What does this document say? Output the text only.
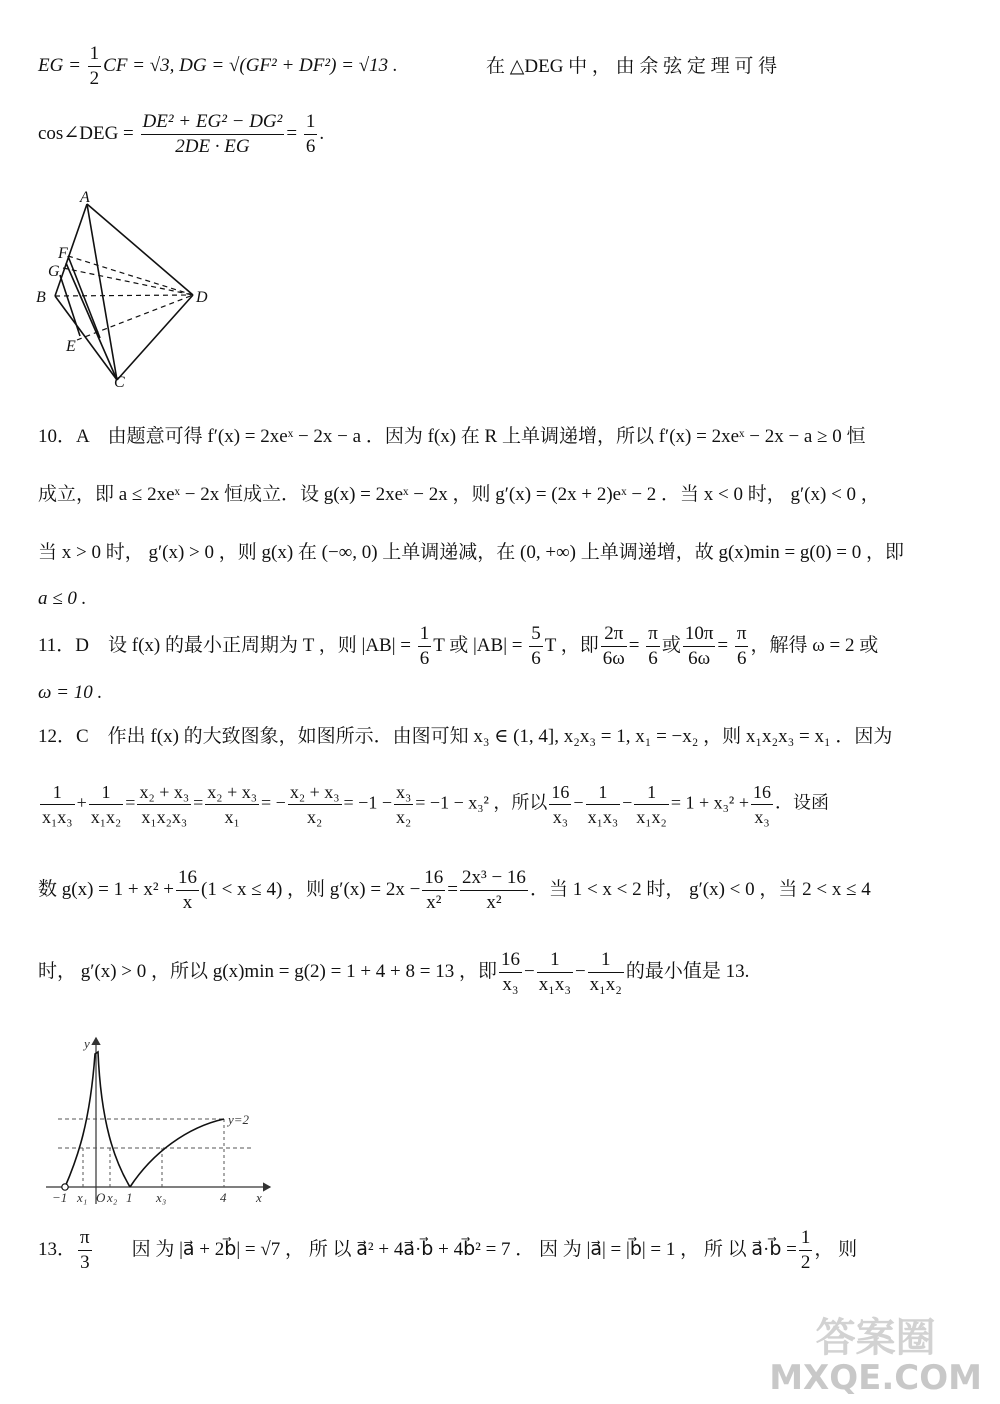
EG = $\frac{1}{2}$ CF = √3, DG = √(GF² + DF²) = √13 .	在 △DEG 中 ， 由 余 弦 定 理 可 得
cos∠DEG = $\frac{\text{DE² + EG² − DG²}}{2DE \cdot EG} = \frac{1}{6}$ .
A
F
G
B	D
E
C
10．A　由题意可得 f′(x) = 2xeˣ − 2x − a ．因为 f(x) 在 R 上单调递增，所以 f′(x) = 2xeˣ − 2x − a ≥ 0 恒
成立，即 a ≤ 2xeˣ − 2x 恒成立．设 g(x) = 2xeˣ − 2x ，则 g′(x) = (2x + 2)eˣ − 2 ．当 x < 0 时， g′(x) < 0 ，
当 x > 0 时， g′(x) > 0 ，则 g(x) 在 (−∞, 0) 上单调递减，在 (0, +∞) 上单调递增，故 g(x)min = g(0) = 0 ，即
a ≤ 0 .
11．D　设 f(x) 的最小正周期为 T ，则 $|AB| = \frac{1}{6}$ T 或 $|AB| = \frac{5}{6}$ T ，即 $\frac{2\pi}{6\omega} = \frac{\pi}{6}$ 或 $\frac{10\pi}{6\omega} = \frac{\pi}{6}$ ，解得 ω = 2 或
ω = 10 .
12．C　作出 f(x) 的大致图象，如图所示．由图可知 x₃ ∈ (1, 4], x₂x₃ = 1, x₁ = −x₂ ，则 x₁x₂x₃ = x₁ ．因为
$\frac{1}{\text{x₁x₃}} + \frac{1}{\text{x₁x₂}} = \frac{\text{x₂ + x₃}}{\text{x₁x₂x₃}} = \frac{\text{x₂ + x₃}}{\text{x₁}}$ = − $\frac{\text{x₂ + x₃}}{\text{x₂}} = -1 - \frac{\text{x₃}}{\text{x₂}} = -1 - x_3^2$ ，所以 $\frac{16}{\text{x₃}} - \frac{1}{\text{x₁x₃}} - \frac{1}{\text{x₁x₂}} = 1 + x_3^2 + \frac{16}{\text{x₃}}$ ．设函
数 $g(x) = 1 + x^2 + \frac{16}{x} (1 < x \le 4)$ ，则 $g'(x) = 2x - \frac{16}{\text{x²}} = \frac{\text{2x³ − 16}}{\text{x²}}$ ．当 1 < x < 2 时， g′(x) < 0 ，当 2 < x ≤ 4
时， g′(x) > 0 ，所以 g(x)min = g(2) = 1 + 4 + 8 = 13 ，即 $\frac{16}{\text{x₃}} - \frac{1}{\text{x₁x₃}} - \frac{1}{\text{x₁x₂}}$ 的最小值是 13.
y
x
y=2
−1 x₁ O x₂ 1 x₃	4
13． $\frac{\pi}{3}$ 因 为 |a⃗ + 2b⃗| = √7 ， 所 以 a⃗² + 4a⃗·b⃗ + 4b⃗² = 7 ． 因 为 |a⃗| = |b⃗| = 1 ， 所 以 a⃗·b⃗ = $\frac{1}{2}$ ， 则
答案圈
MXQE.COM
